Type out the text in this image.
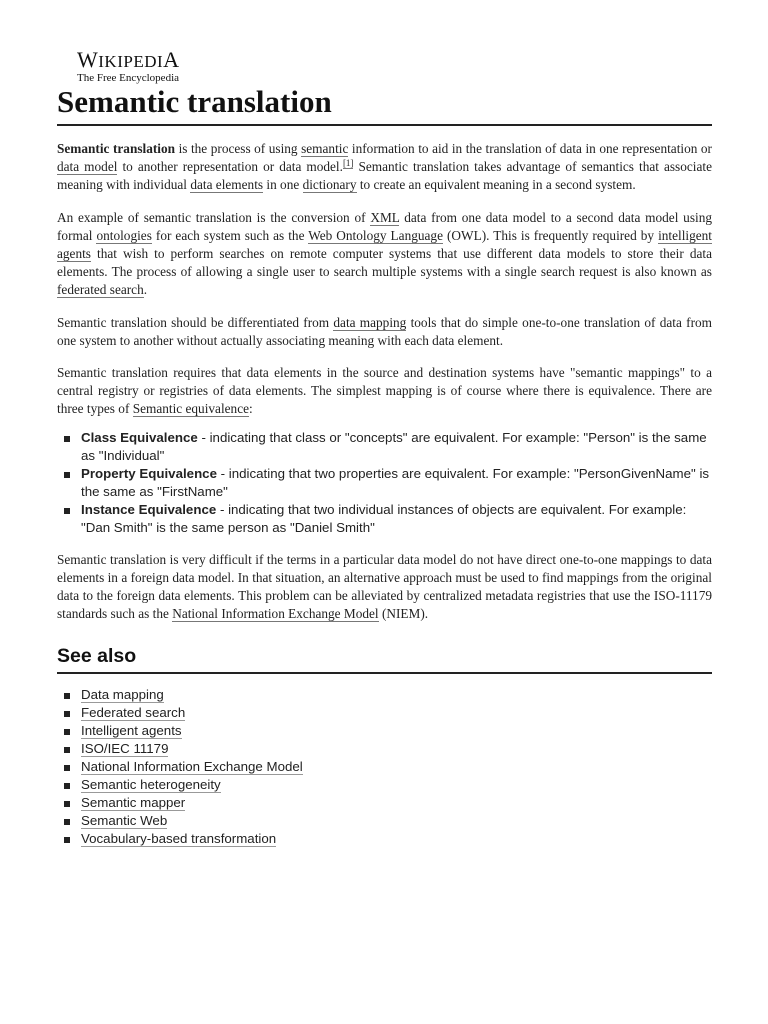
WIKIPEDIA
The Free Encyclopedia
Semantic translation

Semantic translation is the process of using semantic information to aid in the translation of data in one representation or data model to another representation or data model.[1] Semantic translation takes advantage of semantics that associate meaning with individual data elements in one dictionary to create an equivalent meaning in a second system.

An example of semantic translation is the conversion of XML data from one data model to a second data model using formal ontologies for each system such as the Web Ontology Language (OWL). This is frequently required by intelligent agents that wish to perform searches on remote computer systems that use different data models to store their data elements. The process of allowing a single user to search multiple systems with a single search request is also known as federated search.

Semantic translation should be differentiated from data mapping tools that do simple one-to-one translation of data from one system to another without actually associating meaning with each data element.

Semantic translation requires that data elements in the source and destination systems have "semantic mappings" to a central registry or registries of data elements. The simplest mapping is of course where there is equivalence. There are three types of Semantic equivalence:

Class Equivalence - indicating that class or "concepts" are equivalent. For example: "Person" is the same as "Individual"
Property Equivalence - indicating that two properties are equivalent. For example: "PersonGivenName" is the same as "FirstName"
Instance Equivalence - indicating that two individual instances of objects are equivalent. For example: "Dan Smith" is the same person as "Daniel Smith"

Semantic translation is very difficult if the terms in a particular data model do not have direct one-to-one mappings to data elements in a foreign data model. In that situation, an alternative approach must be used to find mappings from the original data to the foreign data elements. This problem can be alleviated by centralized metadata registries that use the ISO-11179 standards such as the National Information Exchange Model (NIEM).

See also
Data mapping
Federated search
Intelligent agents
ISO/IEC 11179
National Information Exchange Model
Semantic heterogeneity
Semantic mapper
Semantic Web
Vocabulary-based transformation
